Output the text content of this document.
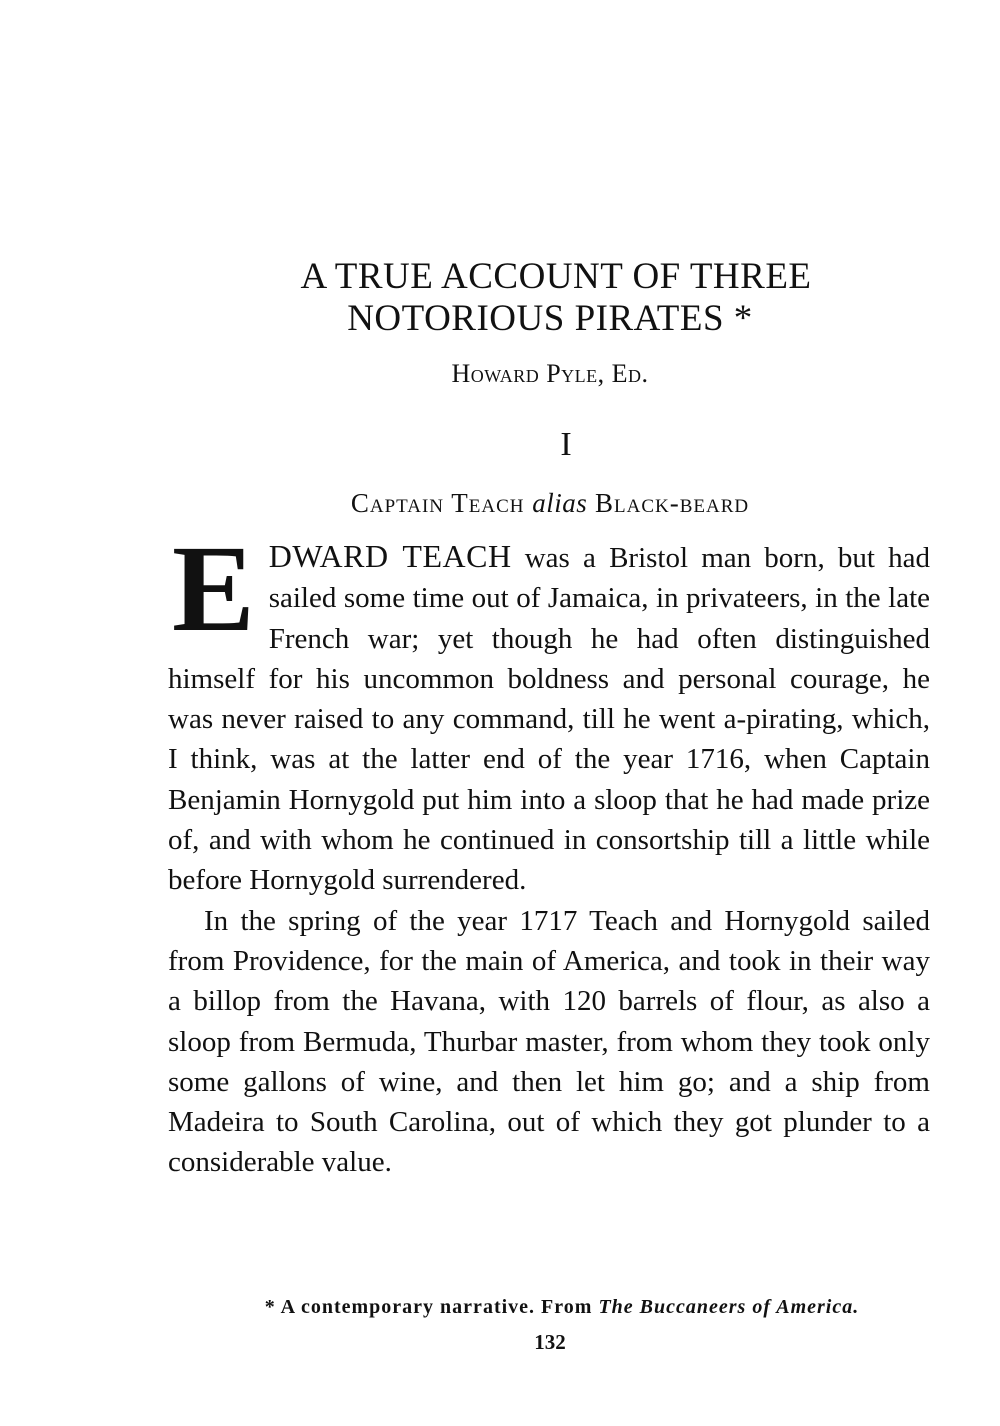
A TRUE ACCOUNT OF THREE
NOTORIOUS PIRATES *
Howard Pyle, Ed.
I
Captain Teach alias Black-beard

EDWARD TEACH was a Bristol man born, but had sailed some time out of Jamaica, in privateers, in the late French war; yet though he had often distinguished himself for his uncommon boldness and personal courage, he was never raised to any command, till he went a-pirating, which, I think, was at the latter end of the year 1716, when Captain Benjamin Hornygold put him into a sloop that he had made prize of, and with whom he continued in consortship till a little while before Hornygold surrendered.

In the spring of the year 1717 Teach and Hornygold sailed from Providence, for the main of America, and took in their way a billop from the Havana, with 120 barrels of flour, as also a sloop from Bermuda, Thurbar master, from whom they took only some gallons of wine, and then let him go; and a ship from Madeira to South Carolina, out of which they got plunder to a considerable value.

* A contemporary narrative. From The Buccaneers of America.
132
